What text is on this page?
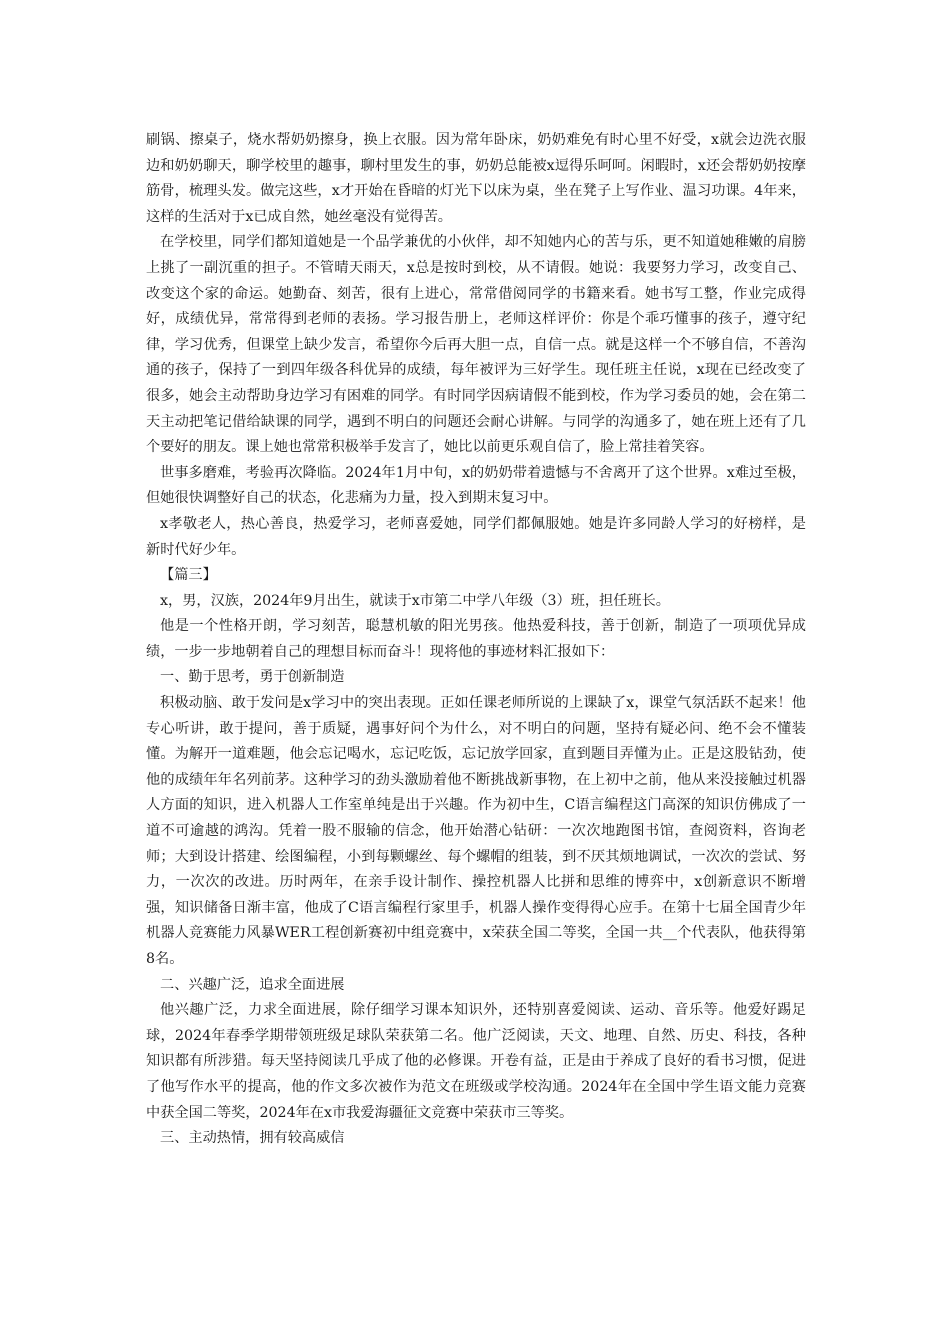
刷锅、擦桌子，烧水帮奶奶擦身，换上衣服。因为常年卧床，奶奶难免有时心里不好受，x就会边洗衣服边和奶奶聊天，聊学校里的趣事，聊村里发生的事，奶奶总能被x逗得乐呵呵。闲暇时，x还会帮奶奶按摩筋骨，梳理头发。做完这些，x才开始在昏暗的灯光下以床为桌，坐在凳子上写作业、温习功课。4年来，这样的生活对于x已成自然，她丝毫没有觉得苦。

在学校里，同学们都知道她是一个品学兼优的小伙伴，却不知她内心的苦与乐，更不知道她稚嫩的肩膀上挑了一副沉重的担子。不管晴天雨天，x总是按时到校，从不请假。她说：我要努力学习，改变自己、改变这个家的命运。她勤奋、刻苦，很有上进心，常常借阅同学的书籍来看。她书写工整，作业完成得好，成绩优异，常常得到老师的表扬。学习报告册上，老师这样评价：你是个乖巧懂事的孩子，遵守纪律，学习优秀，但课堂上缺少发言，希望你今后再大胆一点，自信一点。就是这样一个不够自信，不善沟通的孩子，保持了一到四年级各科优异的成绩，每年被评为三好学生。现任班主任说，x现在已经改变了很多，她会主动帮助身边学习有困难的同学。有时同学因病请假不能到校，作为学习委员的她，会在第二天主动把笔记借给缺课的同学，遇到不明白的问题还会耐心讲解。与同学的沟通多了，她在班上还有了几个要好的朋友。课上她也常常积极举手发言了，她比以前更乐观自信了，脸上常挂着笑容。

世事多磨难，考验再次降临。2024年1月中旬，x的奶奶带着遗憾与不舍离开了这个世界。x难过至极，但她很快调整好自己的状态，化悲痛为力量，投入到期末复习中。

x孝敬老人，热心善良，热爱学习，老师喜爱她，同学们都佩服她。她是许多同龄人学习的好榜样，是新时代好少年。

【篇三】

x，男，汉族，2024年9月出生，就读于x市第二中学八年级（3）班，担任班长。

他是一个性格开朗，学习刻苦，聪慧机敏的阳光男孩。他热爱科技，善于创新，制造了一项项优异成绩，一步一步地朝着自己的理想目标而奋斗！现将他的事迹材料汇报如下：

一、勤于思考，勇于创新制造

积极动脑、敢于发问是x学习中的突出表现。正如任课老师所说的上课缺了x，课堂气氛活跃不起来！他专心听讲，敢于提问，善于质疑，遇事好问个为什么，对不明白的问题，坚持有疑必问、绝不会不懂装懂。为解开一道难题，他会忘记喝水，忘记吃饭，忘记放学回家，直到题目弄懂为止。正是这股钻劲，使他的成绩年年名列前茅。这种学习的劲头激励着他不断挑战新事物，在上初中之前，他从来没接触过机器人方面的知识，进入机器人工作室单纯是出于兴趣。作为初中生，C语言编程这门高深的知识仿佛成了一道不可逾越的鸿沟。凭着一股不服输的信念，他开始潜心钻研：一次次地跑图书馆，查阅资料，咨询老师；大到设计搭建、绘图编程，小到每颗螺丝、每个螺帽的组装，到不厌其烦地调试，一次次的尝试、努力，一次次的改进。历时两年，在亲手设计制作、操控机器人比拼和思维的博弈中，x创新意识不断增强，知识储备日渐丰富，他成了C语言编程行家里手，机器人操作变得得心应手。在第十七届全国青少年机器人竞赛能力风暴WER工程创新赛初中组竞赛中，x荣获全国二等奖，全国一共__个代表队，他获得第8名。

二、兴趣广泛，追求全面进展

他兴趣广泛，力求全面进展，除仔细学习课本知识外，还特别喜爱阅读、运动、音乐等。他爱好踢足球，2024年春季学期带领班级足球队荣获第二名。他广泛阅读，天文、地理、自然、历史、科技，各种知识都有所涉猎。每天坚持阅读几乎成了他的必修课。开卷有益，正是由于养成了良好的看书习惯，促进了他写作水平的提高，他的作文多次被作为范文在班级或学校沟通。2024年在全国中学生语文能力竞赛中获全国二等奖，2024年在x市我爱海疆征文竞赛中荣获市三等奖。

三、主动热情，拥有较高威信
